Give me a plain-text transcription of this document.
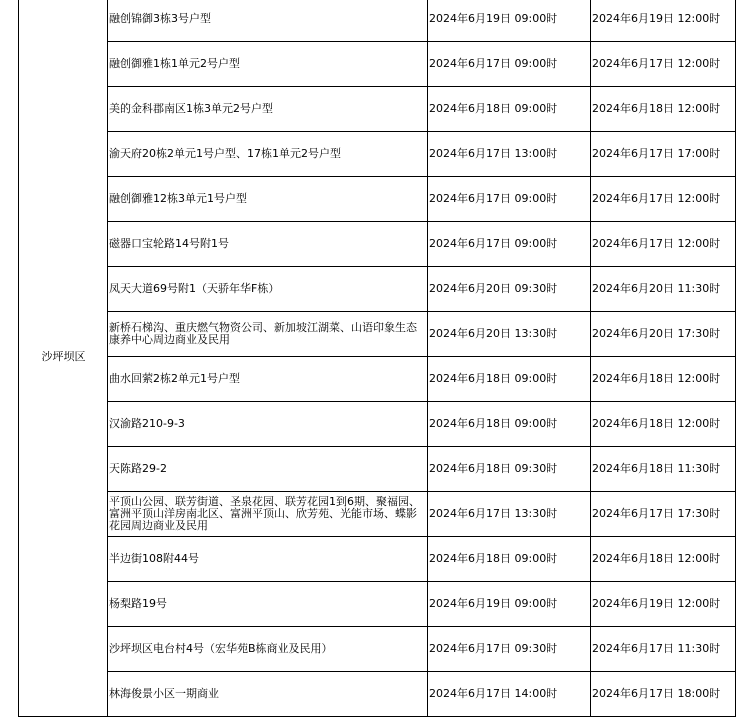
沙坪坝区	融创锦御3栋3号户型	2024年6月19日 09:00时	2024年6月19日 12:00时
	融创御雅1栋1单元2号户型	2024年6月17日 09:00时	2024年6月17日 12:00时
	美的金科郡南区1栋3单元2号户型	2024年6月18日 09:00时	2024年6月18日 12:00时
	渝天府20栋2单元1号户型、17栋1单元2号户型	2024年6月17日 13:00时	2024年6月17日 17:00时
	融创御雅12栋3单元1号户型	2024年6月17日 09:00时	2024年6月17日 12:00时
	磁器口宝轮路14号附1号	2024年6月17日 09:00时	2024年6月17日 12:00时
	凤天大道69号附1（天骄年华F栋）	2024年6月20日 09:30时	2024年6月20日 11:30时
	新桥石梯沟、重庆燃气物资公司、新加坡江湖菜、山语印象生态康养中心周边商业及民用	2024年6月20日 13:30时	2024年6月20日 17:30时
	曲水回萦2栋2单元1号户型	2024年6月18日 09:00时	2024年6月18日 12:00时
	汉渝路210-9-3	2024年6月18日 09:00时	2024年6月18日 12:00时
	天陈路29-2	2024年6月18日 09:30时	2024年6月18日 11:30时
	平顶山公园、联芳街道、圣泉花园、联芳花园1到6期、聚福园、富洲平顶山洋房南北区、富洲平顶山、欣芳苑、光能市场、蝶影花园周边商业及民用	2024年6月17日 13:30时	2024年6月17日 17:30时
	半边街108附44号	2024年6月18日 09:00时	2024年6月18日 12:00时
	杨梨路19号	2024年6月19日 09:00时	2024年6月19日 12:00时
	沙坪坝区电台村4号（宏华苑B栋商业及民用）	2024年6月17日 09:30时	2024年6月17日 11:30时
	林海俊景小区一期商业	2024年6月17日 14:00时	2024年6月17日 18:00时
